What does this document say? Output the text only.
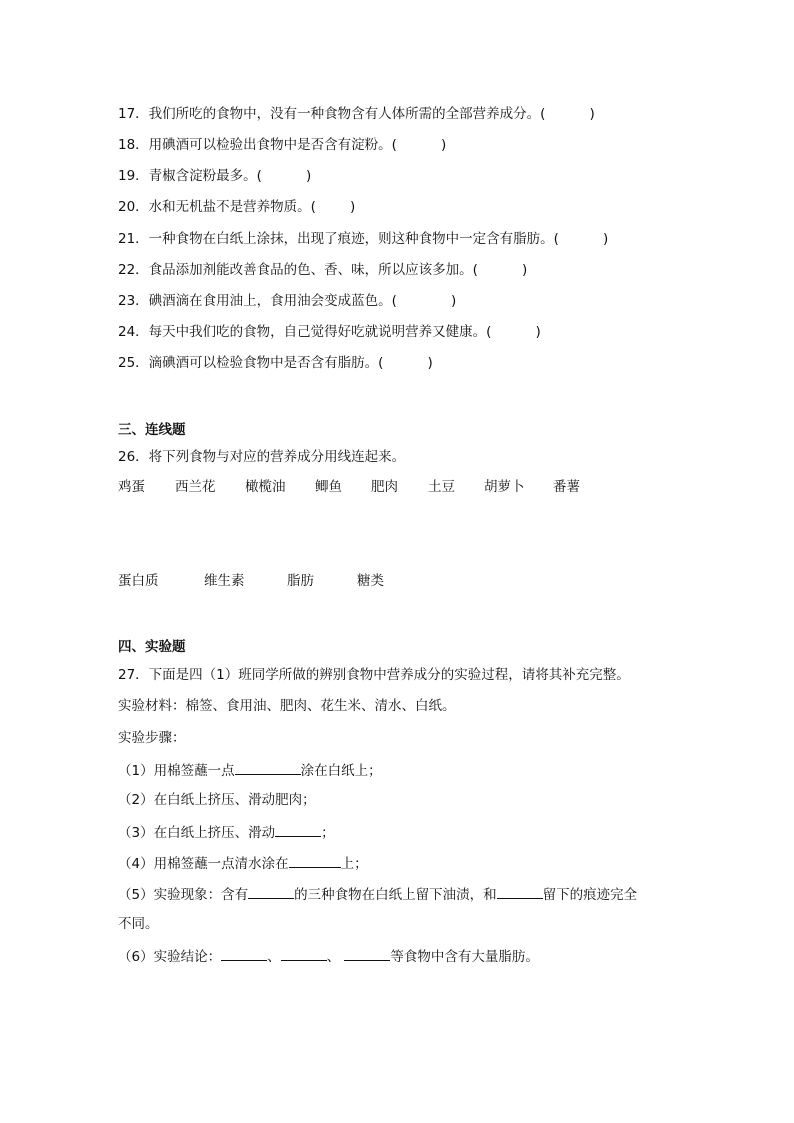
17．我们所吃的食物中，没有一种食物含有人体所需的全部营养成分。(	)
18．用碘酒可以检验出食物中是否含有淀粉。(	)
19．青椒含淀粉最多。(	)
20．水和无机盐不是营养物质。(	)
21．一种食物在白纸上涂抹，出现了痕迹，则这种食物中一定含有脂肪。(	)
22．食品添加剂能改善食品的色、香、味，所以应该多加。(	)
23．碘酒滴在食用油上，食用油会变成蓝色。(	)
24．每天中我们吃的食物，自己觉得好吃就说明营养又健康。(	)
25．滴碘酒可以检验食物中是否含有脂肪。(	)
三、连线题
26．将下列食物与对应的营养成分用线连起来。
鸡蛋 西兰花 橄榄油 鲫鱼 肥肉 土豆 胡萝卜 番薯
蛋白质	维生素	脂肪	糖类
四、实验题
27．下面是四（1）班同学所做的辨别食物中营养成分的实验过程，请将其补充完整。
实验材料：棉签、食用油、肥肉、花生米、清水、白纸。
实验步骤：
（1）用棉签蘸一点	涂在白纸上；
（2）在白纸上挤压、滑动肥肉；
（3）在白纸上挤压、滑动	；
（4）用棉签蘸一点清水涂在	上；
（5）实验现象：含有	的三种食物在白纸上留下油渍，和	留下的痕迹完全
不同。
（6）实验结论：	、	、	等食物中含有大量脂肪。
